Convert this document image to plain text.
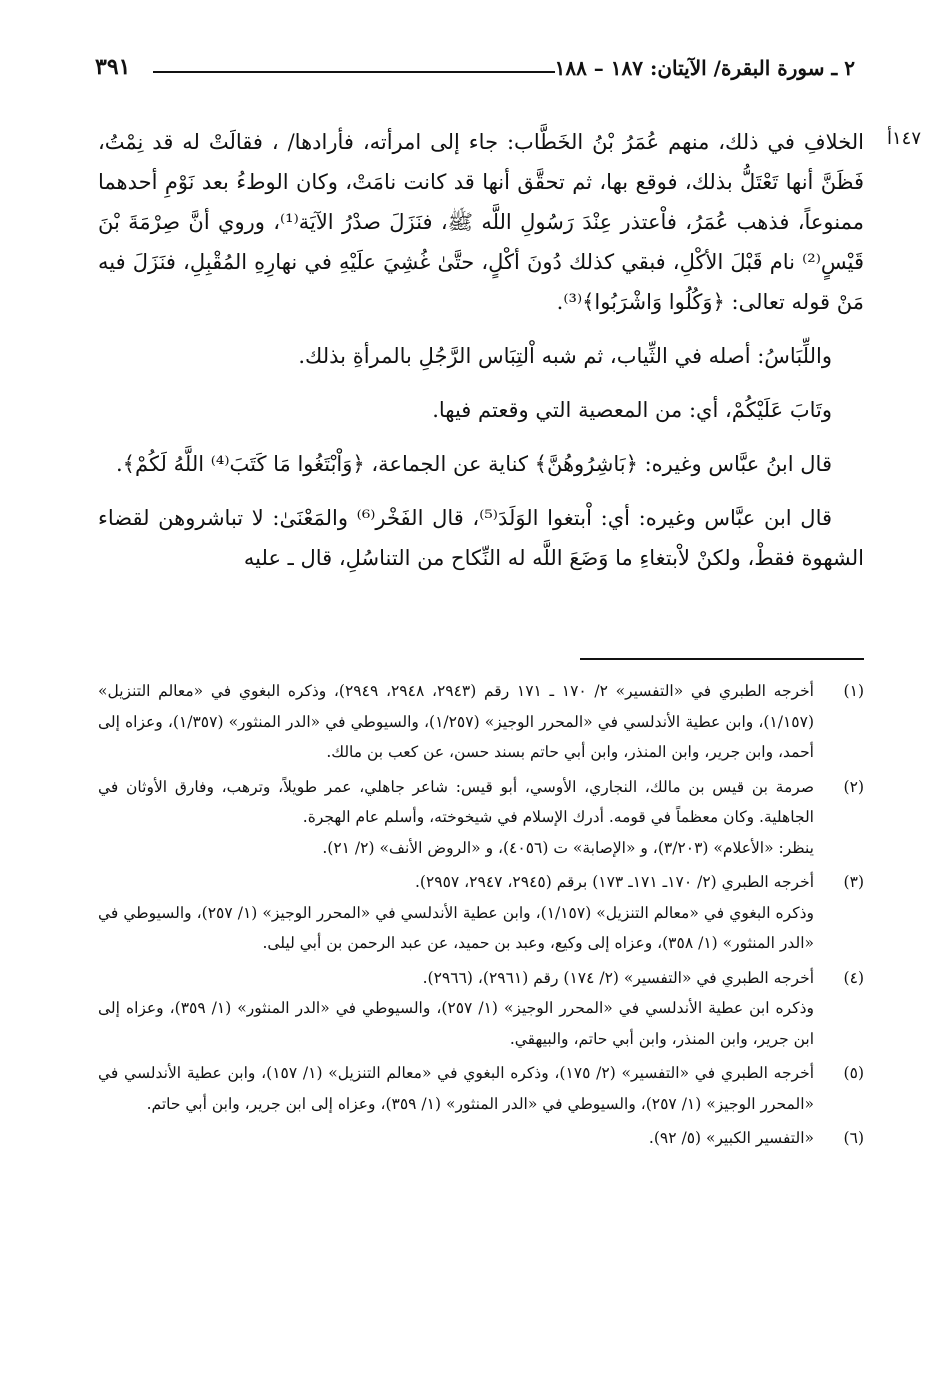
٢ ـ سورة البقرة/ الآيتان: ١٨٧ – ١٨٨
٣٩١
١٤٧أ

الخلافِ في ذلك، منهم عُمَرُ بْنُ الخَطَّاب: جاء إلى امرأته، فأرادها/ ، فقالَتْ له قد نِمْتُ، فَظَنَّ أنها تَعْتَلُّ بذلك، فوقع بها، ثم تحقَّق أنها قد كانت نامَتْ، وكان الوطءُ بعد نَوْمِ أحدهما ممنوعاً، فذهب عُمَرُ، فاْعتذر عِنْدَ رَسُولِ اللَّه ﷺ، فنَزَلَ صدْرُ الآيَة⁽¹⁾، وروي أنَّ صِرْمَةَ بْنَ قَيْسٍ⁽²⁾ نام قَبْلَ الأكْلِ، فبقي كذلك دُونَ أكْلٍ، حتَّىٰ غُشِيَ علَيْهِ في نهارِهِ المُقْبِلِ، فنَزَلَ فيه مَنْ قوله تعالى: ﴿وَكُلُوا وَاشْرَبُوا﴾⁽³⁾.

واللِّبَاسُ: أصله في الثِّياب، ثم شبه اْلتِبَاس الرَّجُلِ بالمرأةِ بذلك.

وتَابَ عَلَيْكُمْ، أي: من المعصية التي وقعتم فيها.

قال ابنُ عبَّاس وغيره: ﴿بَاشِرُوهُنَّ﴾ كناية عن الجماعة، ﴿وَاْبْتَغُوا مَا كَتَبَ⁽⁴⁾ اللَّهُ لَكُمْ﴾.

قال ابن عبَّاس وغيره: أي: اْبتغوا الوَلَدَ⁽⁵⁾، قال الفَخْر⁽⁶⁾ والمَعْنَىٰ: لا تباشروهن لقضاء الشهوة فقطْ، ولكنْ لاْبتغاءِ ما وَضَعَ اللَّه له النِّكاح من التناسُلِ، قال ـ عليه

(١)

أخرجه الطبري في «التفسير» ٢/ ١٧٠ ـ ١٧١ رقم (٢٩٤٣، ٢٩٤٨، ٢٩٤٩)، وذكره البغوي في «معالم التنزيل» (١/١٥٧)، وابن عطية الأندلسي في «المحرر الوجيز» (١/٢٥٧)، والسيوطي في «الدر المنثور» (١/٣٥٧)، وعزاه إلى أحمد، وابن جرير، وابن المنذر، وابن أبي حاتم بسند حسن، عن كعب بن مالك.

(٢)

صرمة بن قيس بن مالك، النجاري، الأوسي، أبو قيس: شاعر جاهلي، عمر طويلاً، وترهب، وفارق الأوثان في الجاهلية. وكان معظماً في قومه. أدرك الإسلام في شيخوخته، وأسلم عام الهجرة.

ينظر: «الأعلام» (٣/٢٠٣)، و «الإصابة» ت (٤٠٥٦)، و «الروض الأنف» (٢/ ٢١).

(٣)

أخرجه الطبري (٢/ ١٧٠ـ ١٧١ـ ١٧٣) برقم (٢٩٤٥، ٢٩٤٧، ٢٩٥٧).

وذكره البغوي في «معالم التنزيل» (١/١٥٧)، وابن عطية الأندلسي في «المحرر الوجيز» (١/ ٢٥٧)، والسيوطي في «الدر المنثور» (١/ ٣٥٨)، وعزاه إلى وكيع، وعبد بن حميد، عن عبد الرحمن بن أبي ليلى.

(٤)

أخرجه الطبري في «التفسير» (٢/ ١٧٤) رقم (٢٩٦١)، (٢٩٦٦).

وذكره ابن عطية الأندلسي في «المحرر الوجيز» (١/ ٢٥٧)، والسيوطي في «الدر المنثور» (١/ ٣٥٩)، وعزاه إلى ابن جرير، وابن المنذر، وابن أبي حاتم، والبيهقي.

(٥)

أخرجه الطبري في «التفسير» (٢/ ١٧٥)، وذكره البغوي في «معالم التنزيل» (١/ ١٥٧)، وابن عطية الأندلسي في «المحرر الوجيز» (١/ ٢٥٧)، والسيوطي في «الدر المنثور» (١/ ٣٥٩)، وعزاه إلى ابن جرير، وابن أبي حاتم.

(٦)

«التفسير الكبير» (٥/ ٩٢).
